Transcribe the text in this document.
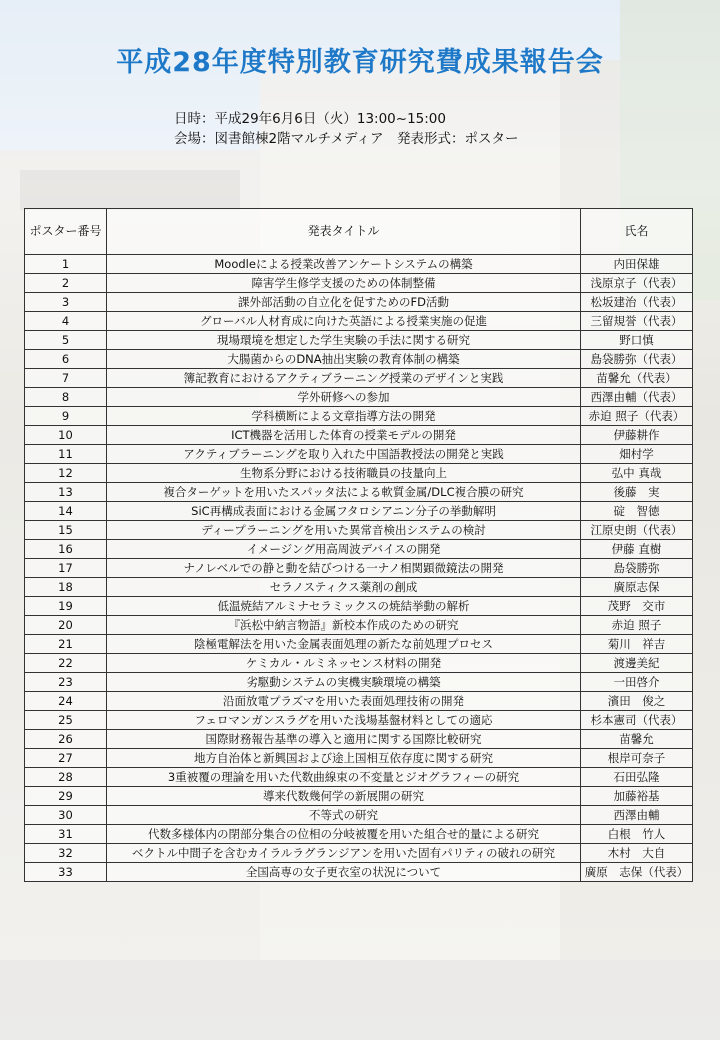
平成28年度特別教育研究費成果報告会
日時：平成29年6月6日（火）13:00~15:00
会場：図書館棟2階マルチメディア　発表形式：ポスター
ポスター番号	発表タイトル	氏名
1	Moodleによる授業改善アンケートシステムの構築	内田保雄
2	障害学生修学支援のための体制整備	浅原京子（代表）
3	課外部活動の自立化を促すためのFD活動	松坂建治（代表）
4	グローバル人材育成に向けた英語による授業実施の促進	三留規誉（代表）
5	現場環境を想定した学生実験の手法に関する研究	野口慎
6	大腸菌からのDNA抽出実験の教育体制の構築	島袋勝弥（代表）
7	簿記教育におけるアクティブラーニング授業のデザインと実践	苗馨允（代表）
8	学外研修への参加	西澤由輔（代表）
9	学科横断による文章指導方法の開発	赤迫 照子（代表）
10	ICT機器を活用した体育の授業モデルの開発	伊藤耕作
11	アクティブラーニングを取り入れた中国語教授法の開発と実践	畑村学
12	生物系分野における技術職員の技量向上	弘中 真哉
13	複合ターゲットを用いたスパッタ法による軟質金属/DLC複合膜の研究	後藤　実
14	SiC再構成表面における金属フタロシアニン分子の挙動解明	碇　智徳
15	ディープラーニングを用いた異常音検出システムの検討	江原史朗（代表）
16	イメージング用高周波デバイスの開発	伊藤 直樹
17	ナノレベルでの静と動を結びつける一ナノ相関顕微鏡法の開発	島袋勝弥
18	セラノスティクス薬剤の創成	廣原志保
19	低温焼結アルミナセラミックスの焼結挙動の解析	茂野　交市
20	『浜松中納言物語』新校本作成のための研究	赤迫 照子
21	陰極電解法を用いた金属表面処理の新たな前処理プロセス	菊川　祥吉
22	ケミカル・ルミネッセンス材料の開発	渡邊美紀
23	劣駆動システムの実機実験環境の構築	一田啓介
24	沿面放電プラズマを用いた表面処理技術の開発	濱田　俊之
25	フェロマンガンスラグを用いた浅場基盤材料としての適応	杉本憲司（代表）
26	国際財務報告基準の導入と適用に関する国際比較研究	苗馨允
27	地方自治体と新興国および途上国相互依存度に関する研究	根岸可奈子
28	3重被覆の理論を用いた代数曲線束の不変量とジオグラフィーの研究	石田弘隆
29	導来代数幾何学の新展開の研究	加藤裕基
30	不等式の研究	西澤由輔
31	代数多様体内の閉部分集合の位相の分岐被覆を用いた組合せ的量による研究	白根　竹人
32	ベクトル中間子を含むカイラルラグランジアンを用いた固有パリティの破れの研究	木村　大自
33	全国高専の女子更衣室の状況について	廣原　志保（代表）
